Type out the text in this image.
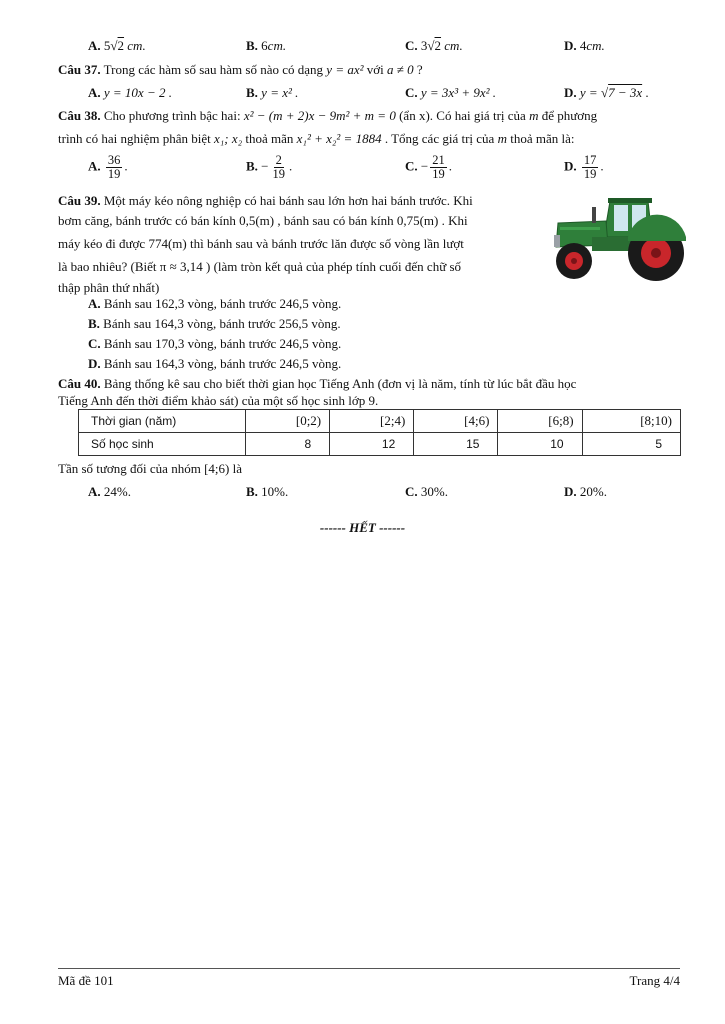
A. 5√2 cm.	B. 6cm.	C. 3√2 cm.	D. 4cm.
Câu 37. Trong các hàm số sau hàm số nào có dạng y = ax² với a ≠ 0 ?
A. y = 10x − 2 .	B. y = x² .	C. y = 3x³ + 9x² .	D. y = √7 − 3x .
Câu 38. Cho phương trình bậc hai: x² − (m + 2)x − 9m² + m = 0 (ẩn x). Có hai giá trị của m để phương
trình có hai nghiệm phân biệt x₁; x₂ thoả mãn x₁² + x₂² = 1884 . Tổng các giá trị của m thoả mãn là:
A. $\frac{36}{19}$ .	B. − $\frac{2}{19}$ .	C. − $\frac{21}{19}$ .	D. $\frac{17}{19}$ .
Câu 39. Một máy kéo nông nghiệp có hai bánh sau lớn hơn hai bánh trước. Khi
bơm căng, bánh trước có bán kính 0,5(m) , bánh sau có bán kính 0,75(m) . Khi
máy kéo đi được 774(m) thì bánh sau và bánh trước lăn được số vòng lần lượt
là bao nhiêu? (Biết π ≈ 3,14 ) (làm tròn kết quả của phép tính cuối đến chữ số
thập phân thứ nhất)
A. Bánh sau 162,3 vòng, bánh trước 246,5 vòng.
B. Bánh sau 164,3 vòng, bánh trước 256,5 vòng.
C. Bánh sau 170,3 vòng, bánh trước 246,5 vòng.
D. Bánh sau 164,3 vòng, bánh trước 246,5 vòng.
Câu 40. Bảng thống kê sau cho biết thời gian học Tiếng Anh (đơn vị là năm, tính từ lúc bắt đầu học
Tiếng Anh đến thời điểm khảo sát) của một số học sinh lớp 9.
Thời gian (năm)	[0;2)	[2;4)	[4;6)	[6;8)	[8;10)
Số học sinh	8	12	15	10	5
Tần số tương đối của nhóm [4;6) là
A. 24%.	B. 10%.	C. 30%.	D. 20%.
------ HẾT ------
Mã đề 101	Trang 4/4
